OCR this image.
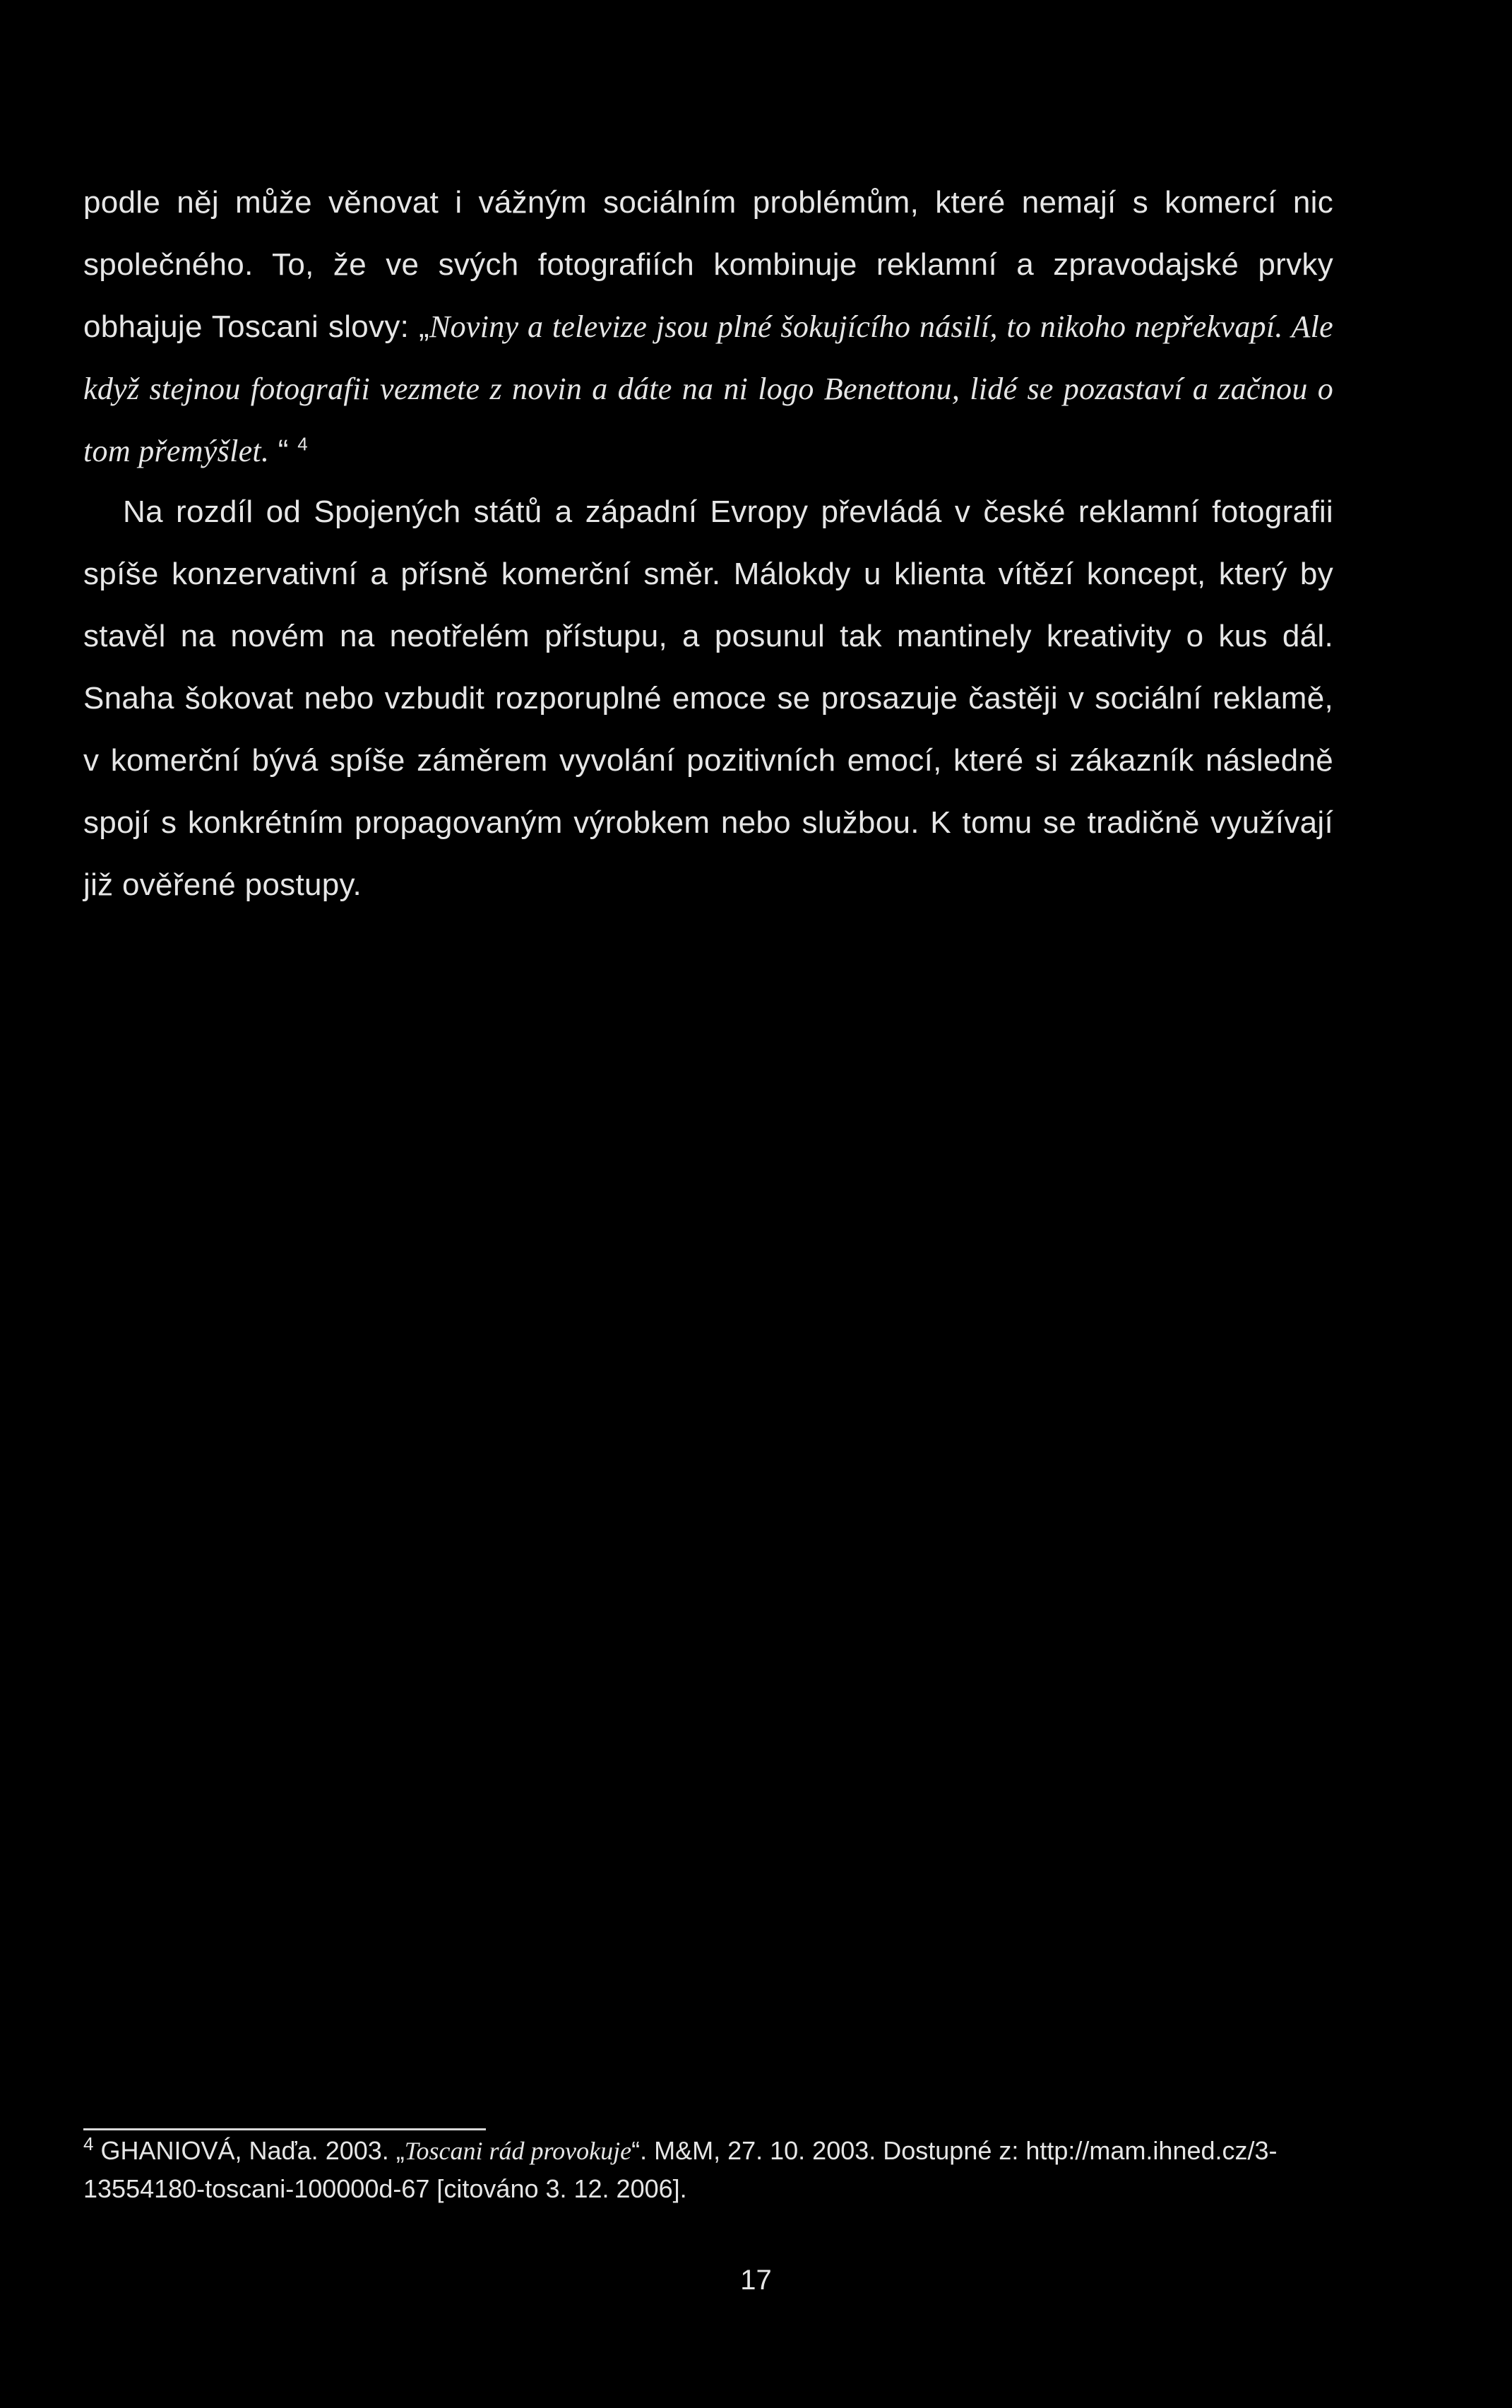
podle něj může věnovat i vážným sociálním problémům, které nemají s komercí nic společného. To, že ve svých fotografiích kombinuje reklamní a zpravodajské prvky obhajuje Toscani slovy: „Noviny a televize jsou plné šokujícího násilí, to nikoho nepřekvapí. Ale když stejnou fotografii vezmete z novin a dáte na ni logo Benettonu, lidé se pozastaví a začnou o tom přemýšlet. “ $^4$

Na rozdíl od Spojených států a západní Evropy převládá v české reklamní fotografii spíše konzervativní a přísně komerční směr. Málokdy u klienta vítězí koncept, který by stavěl na novém na neotřelém přístupu, a posunul tak mantinely kreativity o kus dál. Snaha šokovat nebo vzbudit rozporuplné emoce se prosazuje častěji v sociální reklamě, v komerční bývá spíše záměrem vyvolání pozitivních emocí, které si zákazník následně spojí s konkrétním propagovaným výrobkem nebo službou. K tomu se tradičně využívají již ověřené postupy.

$^4$ GHANIOVÁ, Naďa. 2003. „Toscani rád provokuje“. M&M, 27. 10. 2003. Dostupné z: http://mam.ihned.cz/3-13554180-toscani-100000d-67 [citováno 3. 12. 2006].

17
